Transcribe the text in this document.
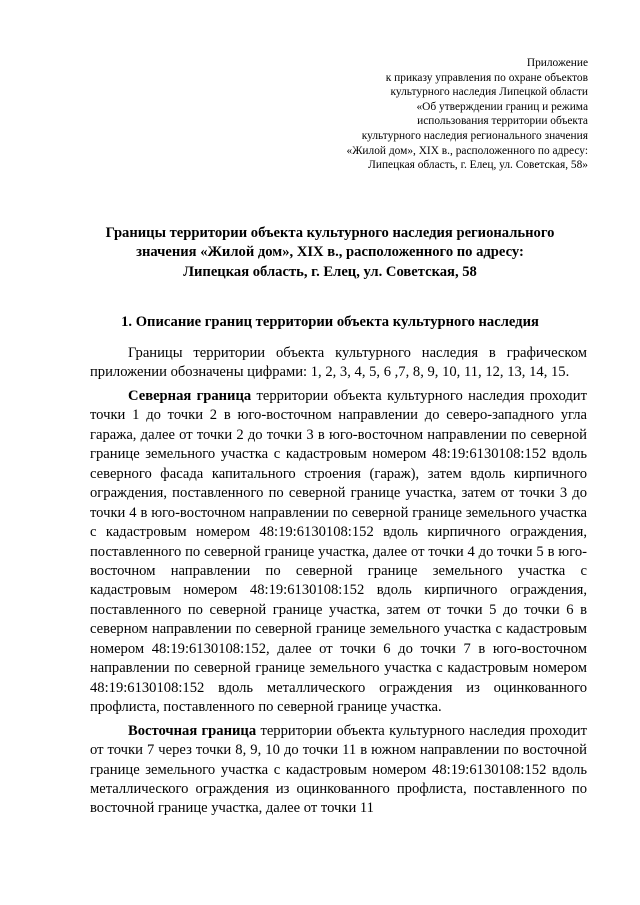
Приложение
к приказу управления по охране объектов
культурного наследия Липецкой области
«Об утверждении границ и режима
использования территории объекта
культурного наследия регионального значения
«Жилой дом», XIX в., расположенного по адресу:
Липецкая область, г. Елец, ул. Советская, 58»
Границы территории объекта культурного наследия регионального
значения «Жилой дом», XIX в., расположенного по адресу:
Липецкая область, г. Елец, ул. Советская, 58
1. Описание границ территории объекта культурного наследия

Границы территории объекта культурного наследия в графическом приложении обозначены цифрами: 1, 2, 3, 4, 5, 6 ,7, 8, 9, 10, 11, 12, 13, 14, 15.

Северная граница территории объекта культурного наследия проходит точки 1 до точки 2 в юго-восточном направлении до северо-западного угла гаража, далее от точки 2 до точки 3 в юго-восточном направлении по северной границе земельного участка с кадастровым номером 48:19:6130108:152 вдоль северного фасада капитального строения (гараж), затем вдоль кирпичного ограждения, поставленного по северной границе участка, затем от точки 3 до точки 4 в юго-восточном направлении по северной границе земельного участка с кадастровым номером 48:19:6130108:152 вдоль кирпичного ограждения, поставленного по северной границе участка, далее от точки 4 до точки 5 в юго-восточном направлении по северной границе земельного участка с кадастровым номером 48:19:6130108:152 вдоль кирпичного ограждения, поставленного по северной границе участка, затем от точки 5 до точки 6 в северном направлении по северной границе земельного участка с кадастровым номером 48:19:6130108:152, далее от точки 6 до точки 7 в юго-восточном направлении по северной границе земельного участка с кадастровым номером 48:19:6130108:152 вдоль металлического ограждения из оцинкованного профлиста, поставленного по северной границе участка.

Восточная граница территории объекта культурного наследия проходит от точки 7 через точки 8, 9, 10 до точки 11 в южном направлении по восточной границе земельного участка с кадастровым номером 48:19:6130108:152 вдоль металлического ограждения из оцинкованного профлиста, поставленного по восточной границе участка, далее от точки 11
